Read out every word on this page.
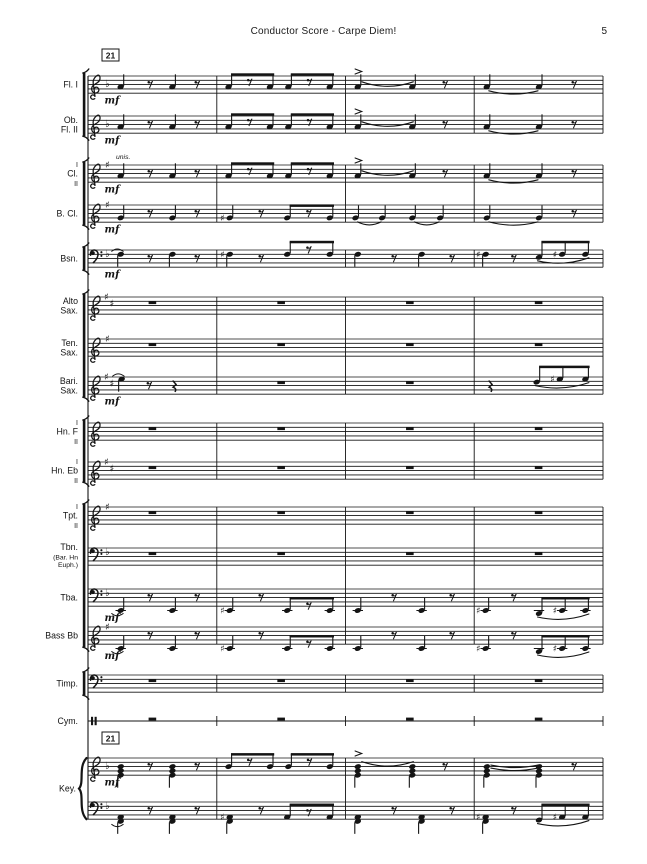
Conductor Score - Carpe Diem!	5
♭
Fl. I
mf
♭
Ob.
Fl. II
mf
♯
I
Cl.
II
unis.
mf
♯
B. Cl.
mf
♯
♭
Bsn.
mf
♯	♯	♯
♯
♯
Alto
Sax.
♯
Ten.
Sax.
♯
♯
Bari.
Sax.
mf
♯
I
Hn. F
II
♯
♯
I
Hn. Eb
II
♯
I
Tpt.
II
♭
Tbn.
(Bar. Hn
Euph.)
♭
Tba.
mf
♯	♯	♯
♯
Bass Bb
mf
♯	♯	♯
Timp.
Cym.
♭
mf
♭
♯	♯	♯
Key.
21
21
